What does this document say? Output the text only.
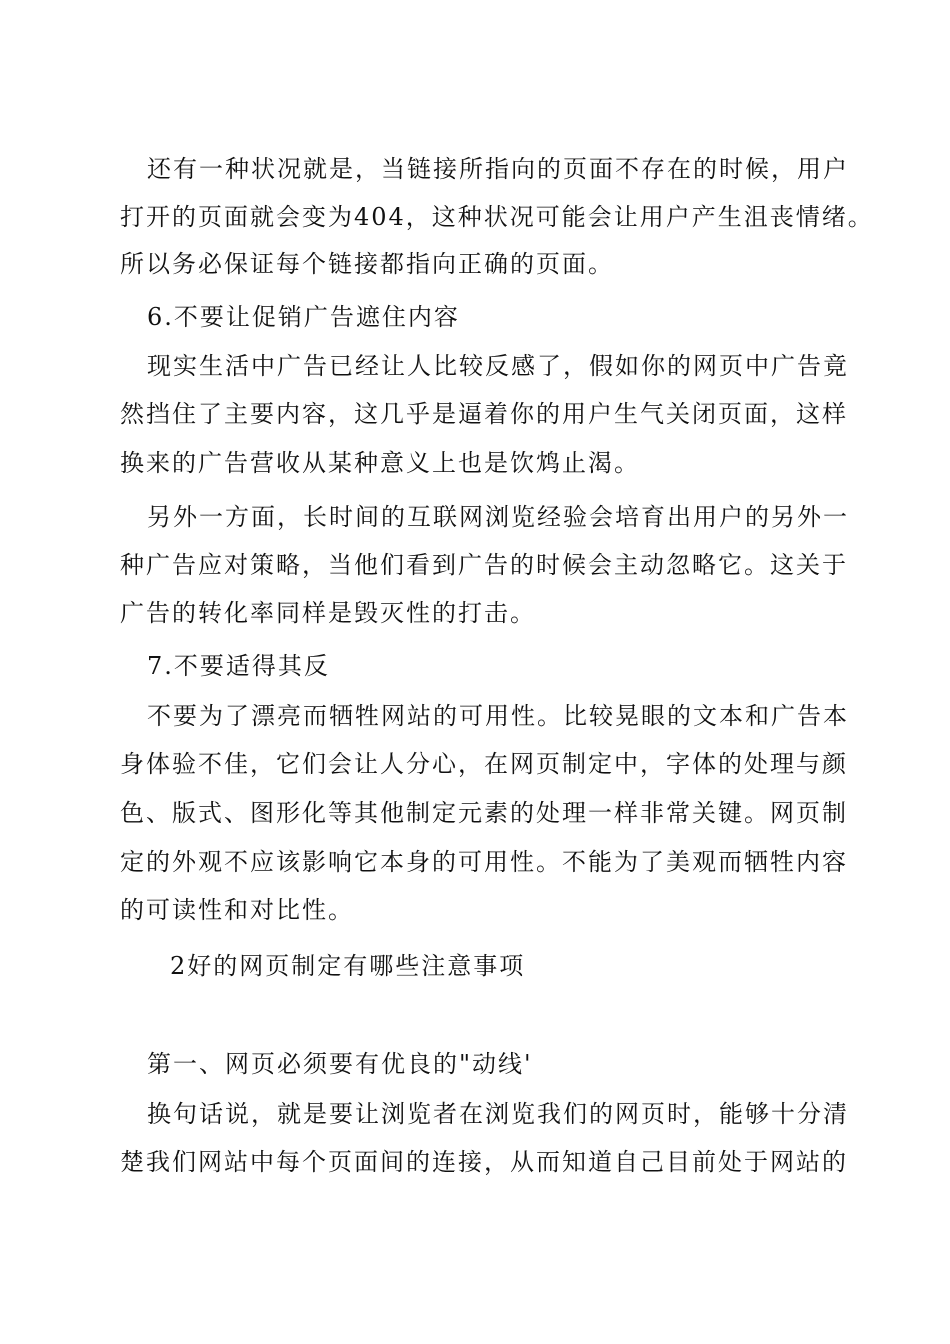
还有一种状况就是，当链接所指向的页面不存在的时候，用户
打开的页面就会变为404，这种状况可能会让用户产生沮丧情绪。
所以务必保证每个链接都指向正确的页面。
6.不要让促销广告遮住内容
现实生活中广告已经让人比较反感了，假如你的网页中广告竟
然挡住了主要内容，这几乎是逼着你的用户生气关闭页面，这样
换来的广告营收从某种意义上也是饮鸩止渴。
另外一方面，长时间的互联网浏览经验会培育出用户的另外一
种广告应对策略，当他们看到广告的时候会主动忽略它。这关于
广告的转化率同样是毁灭性的打击。
7.不要适得其反
不要为了漂亮而牺牲网站的可用性。比较晃眼的文本和广告本
身体验不佳，它们会让人分心，在网页制定中，字体的处理与颜
色、版式、图形化等其他制定元素的处理一样非常关键。网页制
定的外观不应该影响它本身的可用性。不能为了美观而牺牲内容
的可读性和对比性。
2好的网页制定有哪些注意事项
第一、网页必须要有优良的"动线'
换句话说，就是要让浏览者在浏览我们的网页时，能够十分清
楚我们网站中每个页面间的连接，从而知道自己目前处于网站的
